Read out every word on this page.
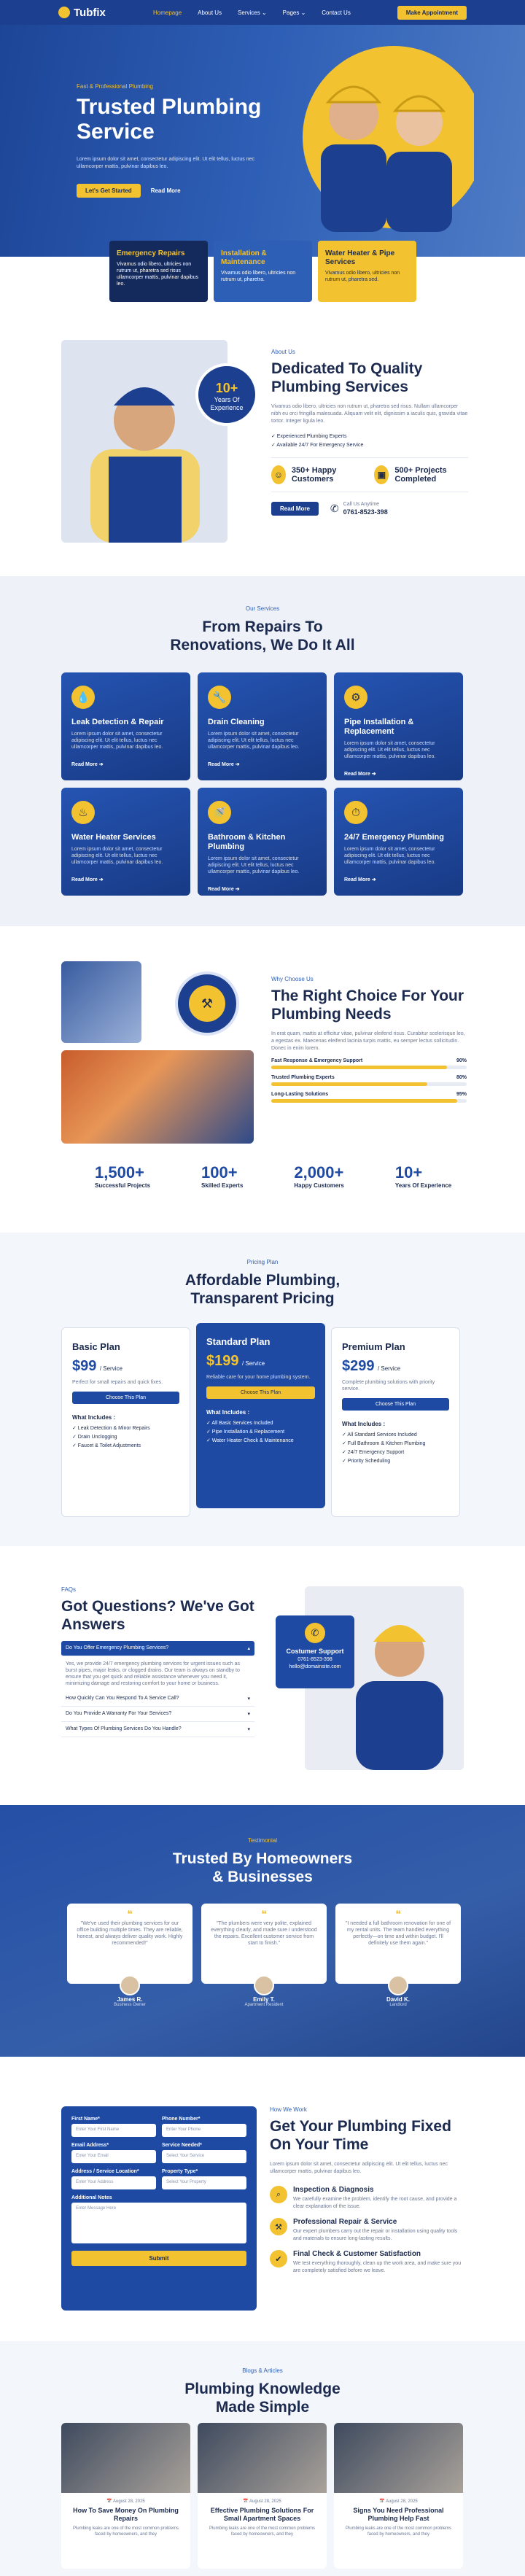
Tubfix	Homepage	About Us	Services ⌄	Pages ⌄	Contact Us	Make Appointment
Fast & Professional Plumbing
Trusted Plumbing Service
Lorem ipsum dolor sit amet, consectetur adipiscing elit. Ut elit tellus, luctus nec ullamcorper mattis, pulvinar dapibus leo.
Let's Get Started	Read More
Emergency Repairs

Vivamus odio libero, ultricies non rutrum ut, pharetra sed risus ullamcorper mattis, pulvinar dapibus leo.

Installation & Maintenance

Vivamus odio libero, ultricies non rutrum ut, pharetra.

Water Heater & Pipe Services

Vivamus odio libero, ultricies non rutrum ut, pharetra sed.

10+
Years Of Experience
About Us
Dedicated To Quality Plumbing Services
Vivamus odio libero, ultricies non rutrum ut, pharetra sed risus. Nullam ullamcorper nibh eu orci fringilla malesuada. Aliquam velit elit, dignissim a iaculis quis, gravida vitae tortor. Integer ligula leo.
✓ Experienced Plumbing Experts
✓ Available 24/7 For Emergency Service
☺	350+ Happy Customers	▣	500+ Projects Completed
Read More	✆ Call Us Anytime
0761-8523-398
Our Services
From Repairs To Renovations, We Do It All
💧
Leak Detection & Repair

Lorem ipsum dolor sit amet, consectetur adipiscing elit. Ut elit tellus, luctus nec ullamcorper mattis, pulvinar dapibus leo.

Read More ➔
🔧
Drain Cleaning

Lorem ipsum dolor sit amet, consectetur adipiscing elit. Ut elit tellus, luctus nec ullamcorper mattis, pulvinar dapibus leo.

Read More ➔
⚙
Pipe Installation & Replacement

Lorem ipsum dolor sit amet, consectetur adipiscing elit. Ut elit tellus, luctus nec ullamcorper mattis, pulvinar dapibus leo.

Read More ➔
♨
Water Heater Services

Lorem ipsum dolor sit amet, consectetur adipiscing elit. Ut elit tellus, luctus nec ullamcorper mattis, pulvinar dapibus leo.

Read More ➔
🚿
Bathroom & Kitchen Plumbing

Lorem ipsum dolor sit amet, consectetur adipiscing elit. Ut elit tellus, luctus nec ullamcorper mattis, pulvinar dapibus leo.

Read More ➔
⏱
24/7 Emergency Plumbing

Lorem ipsum dolor sit amet, consectetur adipiscing elit. Ut elit tellus, luctus nec ullamcorper mattis, pulvinar dapibus leo.

Read More ➔
⚒
Why Choose Us
The Right Choice For Your Plumbing Needs
In erat quam, mattis at efficitur vitae, pulvinar eleifend risus. Curabitur scelerisque leo, a egestas ex. Maecenas eleifend lacinia turpis mattis, eu semper lectus sollicitudin. Donec in enim lorem.
Fast Response & Emergency Support	90%
Trusted Plumbing Experts	80%
Long-Lasting Solutions	95%
1,500+
Successful Projects
100+
Skilled Experts
2,000+
Happy Customers
10+
Years Of Experience
Pricing Plan
Affordable Plumbing, Transparent Pricing
Basic Plan
$99 / Service
Perfect for small repairs and quick fixes.
Choose This Plan
What Includes :
✓ Leak Detection & Minor Repairs
✓ Drain Unclogging
✓ Faucet & Toilet Adjustments
Standard Plan
$199 / Service
Reliable care for your home plumbing system.
Choose This Plan
What Includes :
✓ All Basic Services Included
✓ Pipe Installation & Replacement
✓ Water Heater Check & Maintenance
Premium Plan
$299 / Service
Complete plumbing solutions with priority service.
Choose This Plan
What Includes :
✓ All Standard Services Included
✓ Full Bathroom & Kitchen Plumbing
✓ 24/7 Emergency Support
✓ Priority Scheduling
FAQs
Got Questions? We've Got Answers
Do You Offer Emergency Plumbing Services?	▴
Yes, we provide 24/7 emergency plumbing services for urgent issues such as burst pipes, major leaks, or clogged drains. Our team is always on standby to ensure that you get quick and reliable assistance whenever you need it, minimizing damage and restoring comfort to your home or business.
How Quickly Can You Respond To A Service Call?	▾
Do You Provide A Warranty For Your Services?	▾
What Types Of Plumbing Services Do You Handle?	▾
✆
Costumer Support
0761-8523-398
hello@domainsite.com
Testimonial
Trusted By Homeowners & Businesses
❝

"We've used their plumbing services for our office building multiple times. They are reliable, honest, and always deliver quality work. Highly recommended!"

❝

"The plumbers were very polite, explained everything clearly, and made sure I understood the repairs. Excellent customer service from start to finish."

❝

"I needed a full bathroom renovation for one of my rental units. The team handled everything perfectly—on time and within budget. I'll definitely use them again."

James R.
Business Owner
Emily T.
Apartment Resident
David K.
Landlord
First Name*
Enter Your First Name
Phone Number*
Enter Your Phone
Email Address*
Enter Your Email
Service Needed*
Select Your Service
Address / Service Location*
Enter Your Address
Property Type*
Select Your Property
Additional Notes
Enter Message Here
Submit
How We Work
Get Your Plumbing Fixed On Your Time
Lorem ipsum dolor sit amet, consectetur adipiscing elit. Ut elit tellus, luctus nec ullamcorper mattis, pulvinar dapibus leo.
⌕	Inspection & Diagnosis

We carefully examine the problem, identify the root cause, and provide a clear explanation of the issue.

⚒
Professional Repair & Service

Our expert plumbers carry out the repair or installation using quality tools and materials to ensure long-lasting results.

✔
Final Check & Customer Satisfaction

We test everything thoroughly, clean up the work area, and make sure you are completely satisfied before we leave.

Blogs & Articles
Plumbing Knowledge Made Simple
📅 August 28, 2025
How To Save Money On Plumbing Repairs

Plumbing leaks are one of the most common problems faced by homeowners, and they

📅 August 28, 2025
Effective Plumbing Solutions For Small Apartment Spaces

Plumbing leaks are one of the most common problems faced by homeowners, and they

📅 August 28, 2025
Signs You Need Professional Plumbing Help Fast

Plumbing leaks are one of the most common problems faced by homeowners, and they
